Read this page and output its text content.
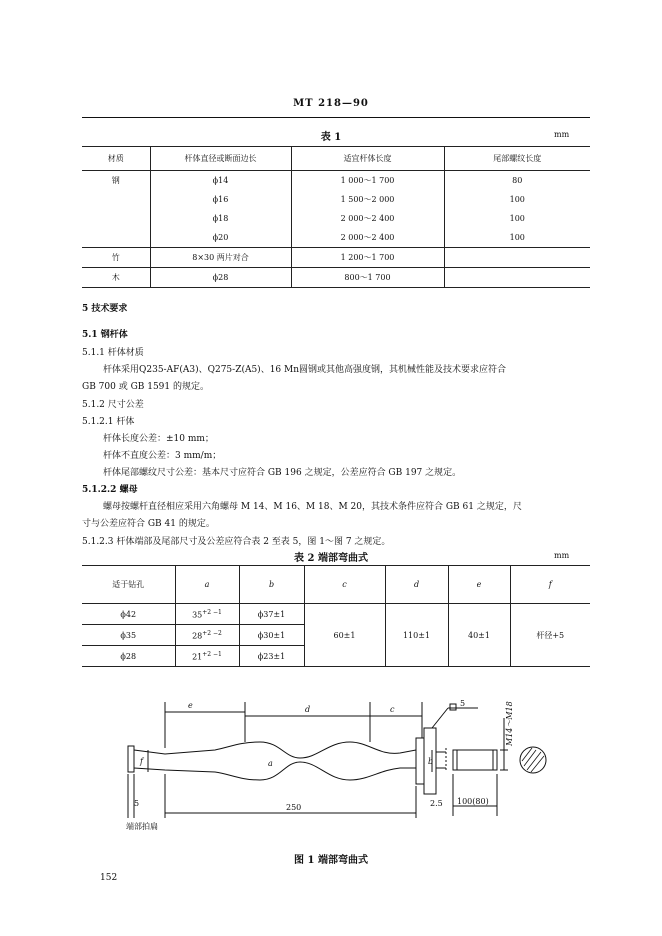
MT 218—90
表 1	mm
材质	杆体直径或断面边长	适宜杆体长度	尾部螺纹长度
钢	ϕ14	1 000～1 700	80
	ϕ16	1 500～2 000	100
	ϕ18	2 000～2 400	100
	ϕ20	2 000～2 400	100
竹	8×30 两片对合	1 200～1 700	
木	ϕ28	800～1 700	
5 技术要求
5.1 钢杆体
5.1.1 杆体材质
杆体采用Q235-AF(A3)、Q275-Z(A5)、16 Mn圆钢或其他高强度钢，其机械性能及技术要求应符合
GB 700 或 GB 1591 的规定。
5.1.2 尺寸公差
5.1.2.1 杆体
杆体长度公差：±10 mm；
杆体不直度公差：3 mm/m；
杆体尾部螺纹尺寸公差：基本尺寸应符合 GB 196 之规定，公差应符合 GB 197 之规定。
5.1.2.2 螺母
螺母按螺杆直径相应采用六角螺母 M 14、M 16、M 18、M 20，其技术条件应符合 GB 61 之规定，尺
寸与公差应符合 GB 41 的规定。
5.1.2.3 杆体端部及尾部尺寸及公差应符合表 2 至表 5，图 1～图 7 之规定。
表 2 端部弯曲式	mm
适于钻孔	a	b	c	d	e	f
ϕ42	$35^{+2 -1}$	ϕ37±1	60±1	110±1	40±1	杆径+5
ϕ35	$28^{+2 -2}$	ϕ30±1				
ϕ28	$21^{+2 -1}$	ϕ23±1				
e	d	c
f	a	b
5	250	2.5 100(80)
5	M14～M18
端部拍扁
图 1 端部弯曲式
152
